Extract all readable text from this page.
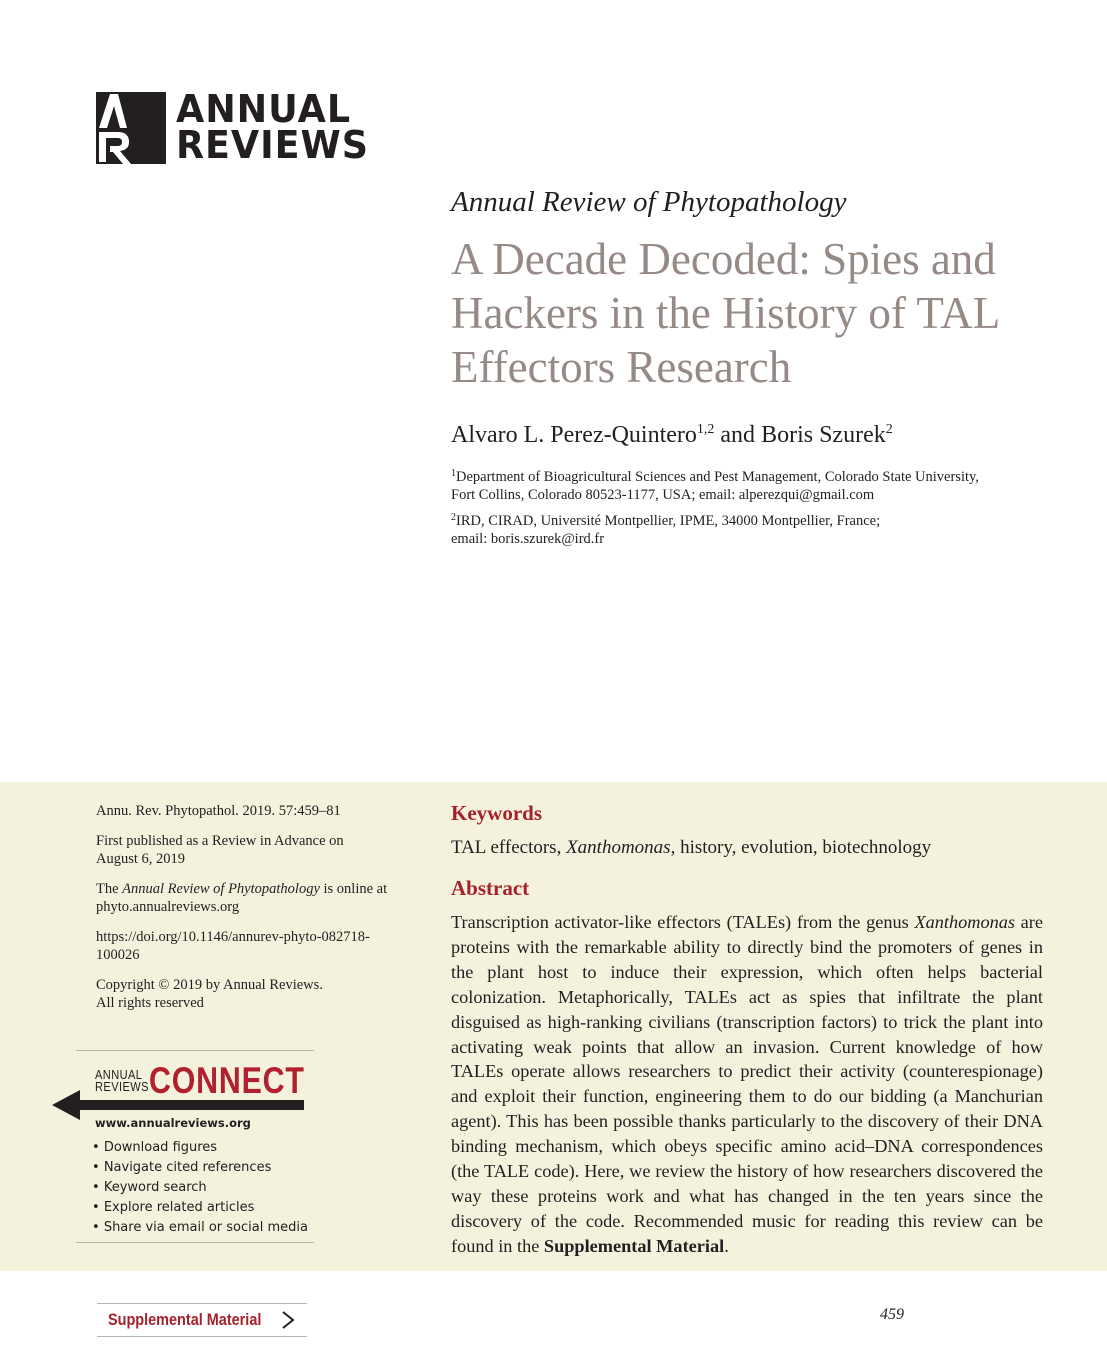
ANNUAL
REVIEWS
Annual Review of Phytopathology
A Decade Decoded: Spies and Hackers in the History of TAL Effectors Research
Alvaro L. Perez-Quintero$^{1,2}$ and Boris Szurek$^2$
$^1$Department of Bioagricultural Sciences and Pest Management, Colorado State University,
Fort Collins, Colorado 80523-1177, USA; email: alperezqui@gmail.com
$^2$IRD, CIRAD, Université Montpellier, IPME, 34000 Montpellier, France;
email: boris.szurek@ird.fr

Annu. Rev. Phytopathol. 2019. 57:459–81

First published as a Review in Advance on
August 6, 2019

The Annual Review of Phytopathology is online at
phyto.annualreviews.org

https://doi.org/10.1146/annurev-phyto-082718-
100026

Copyright © 2019 by Annual Reviews.
All rights reserved

ANNUAL
REVIEWS CONNECT
www.annualreviews.org
• Download figures
• Navigate cited references
• Keyword search
• Explore related articles
• Share via email or social media
Keywords
TAL effectors, Xanthomonas, history, evolution, biotechnology
Abstract

Transcription activator-like effectors (TALEs) from the genus Xanthomonas are proteins with the remarkable ability to directly bind the promoters of genes in the plant host to induce their expression, which often helps bacterial colonization. Metaphorically, TALEs act as spies that infiltrate the plant disguised as high-ranking civilians (transcription factors) to trick the plant into activating weak points that allow an invasion. Current knowledge of how TALEs operate allows researchers to predict their activity (counterespionage) and exploit their function, engineering them to do our bidding (a Manchurian agent). This has been possible thanks particularly to the discovery of their DNA binding mechanism, which obeys specific amino acid–DNA correspondences (the TALE code). Here, we review the history of how researchers discovered the way these proteins work and what has changed in the ten years since the discovery of the code. Recommended music for reading this review can be found in the Supplemental Material.

Supplemental Material	459
